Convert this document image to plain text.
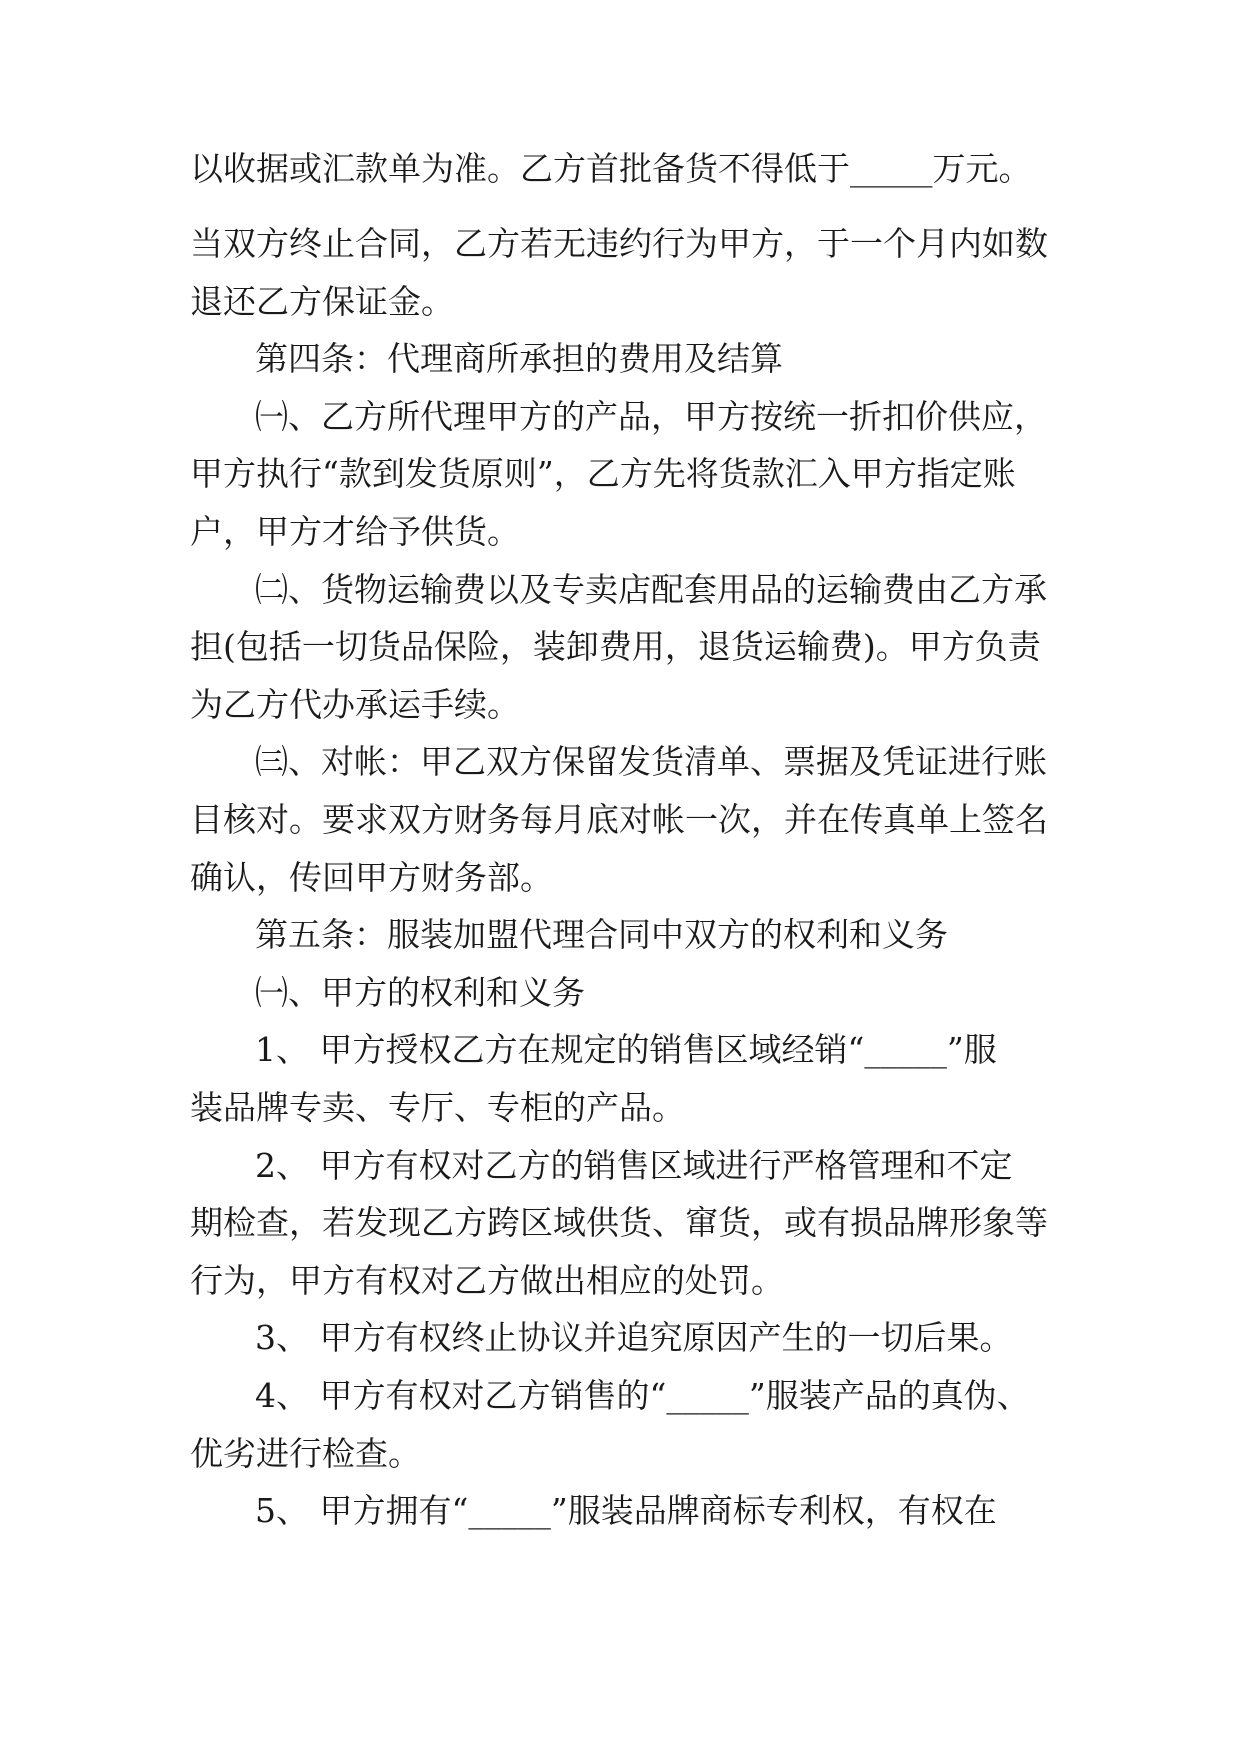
以收据或汇款单为准。乙方首批备货不得低于_____万元。
当双方终止合同，乙方若无违约行为甲方，于一个月内如数
退还乙方保证金。
第四条：代理商所承担的费用及结算
㈠、乙方所代理甲方的产品，甲方按统一折扣价供应，
甲方执行“款到发货原则”，乙方先将货款汇入甲方指定账
户，甲方才给予供货。
㈡、货物运输费以及专卖店配套用品的运输费由乙方承
担(包括一切货品保险，装卸费用，退货运输费)。甲方负责
为乙方代办承运手续。
㈢、对帐：甲乙双方保留发货清单、票据及凭证进行账
目核对。要求双方财务每月底对帐一次，并在传真单上签名
确认，传回甲方财务部。
第五条：服装加盟代理合同中双方的权利和义务
㈠、甲方的权利和义务
1、 甲方授权乙方在规定的销售区域经销“_____”服
装品牌专卖、专厅、专柜的产品。
2、 甲方有权对乙方的销售区域进行严格管理和不定
期检查，若发现乙方跨区域供货、窜货，或有损品牌形象等
行为，甲方有权对乙方做出相应的处罚。
3、 甲方有权终止协议并追究原因产生的一切后果。
4、 甲方有权对乙方销售的“_____”服装产品的真伪、
优劣进行检查。
5、 甲方拥有“_____”服装品牌商标专利权，有权在
